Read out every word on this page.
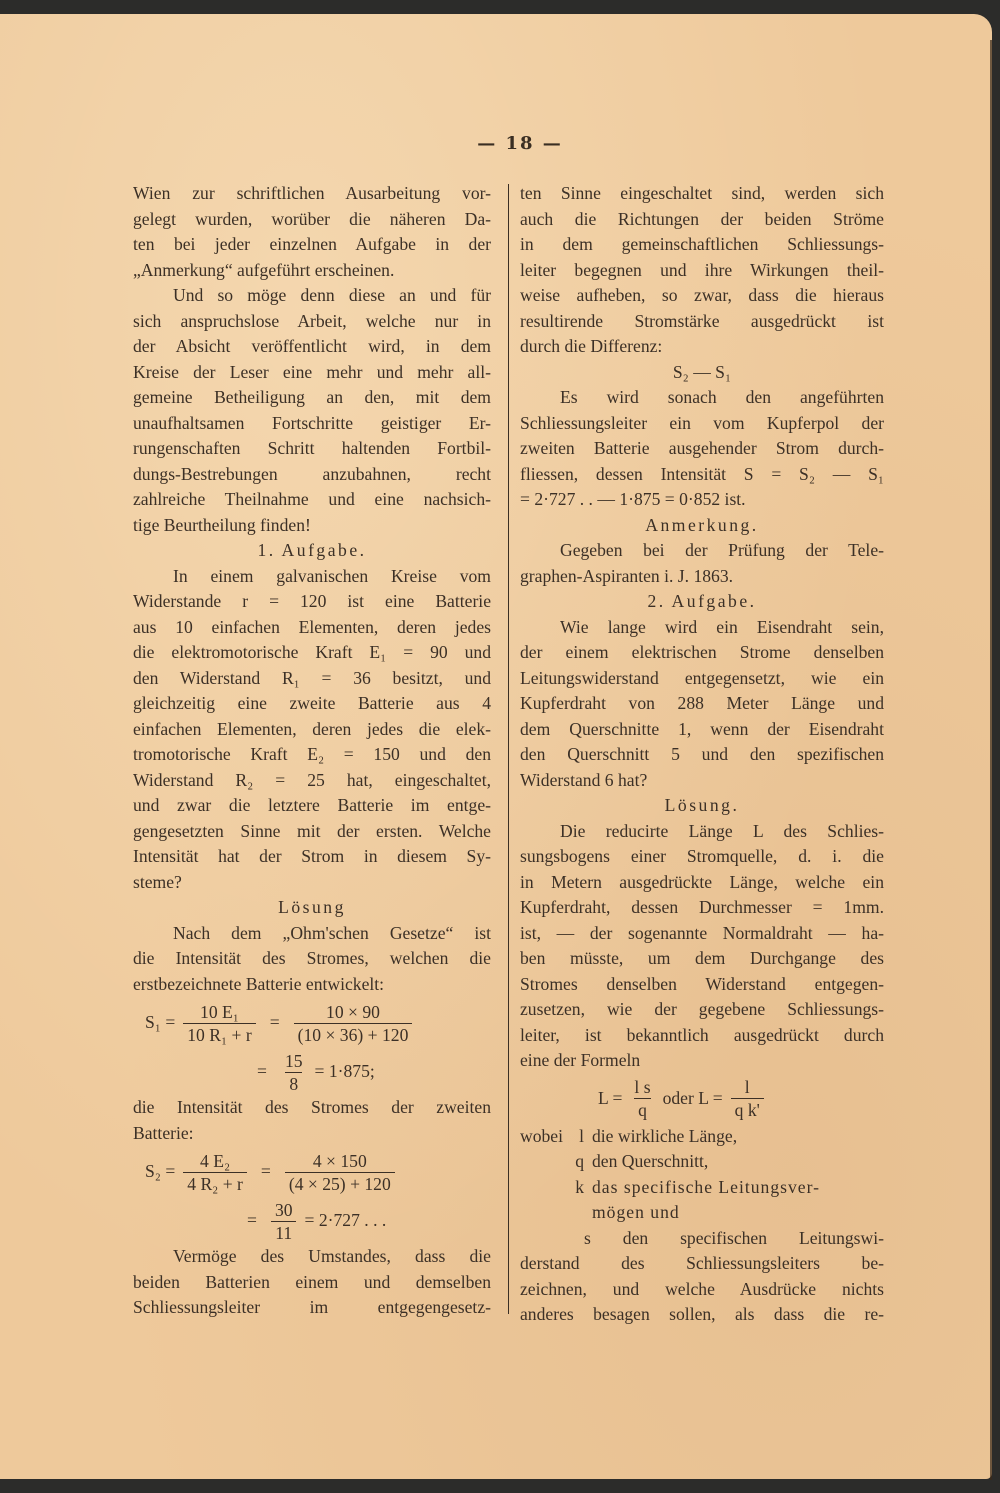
— 18 —
Wien zur schriftlichen Ausarbeitung vor-
gelegt wurden, worüber die näheren Da-
ten bei jeder einzelnen Aufgabe in der
„Anmerkung“ aufgeführt erscheinen.
Und so möge denn diese an und für
sich anspruchslose Arbeit, welche nur in
der Absicht veröffentlicht wird, in dem
Kreise der Leser eine mehr und mehr all-
gemeine Betheiligung an den, mit dem
unaufhaltsamen Fortschritte geistiger Er-
rungenschaften Schritt haltenden Fortbil-
dungs-Bestrebungen anzubahnen, recht
zahlreiche Theilnahme und eine nachsich-
tige Beurtheilung finden!
1. Aufgabe.
In einem galvanischen Kreise vom
Widerstande r = 120 ist eine Batterie
aus 10 einfachen Elementen, deren jedes
die elektromotorische Kraft E₁ = 90 und
den Widerstand R₁ = 36 besitzt, und
gleichzeitig eine zweite Batterie aus 4
einfachen Elementen, deren jedes die elek-
tromotorische Kraft E₂ = 150 und den
Widerstand R₂ = 25 hat, eingeschaltet,
und zwar die letztere Batterie im entge-
gengesetzten Sinne mit der ersten. Welche
Intensität hat der Strom in diesem Sy-
steme?
Lösung
Nach dem „Ohm'schen Gesetze“ ist
die Intensität des Stromes, welchen die
erstbezeichnete Batterie entwickelt:
$S_1 = \frac{\text{10 E₁}}{\text{10 R₁ + r}} = \frac{10 \times 90}{(10 \times 36) + 120}$
= $\frac{15}{8} = 1\cdot 875$;
die Intensität des Stromes der zweiten
Batterie:
$S_2 = \frac{\text{4 E₂}}{\text{4 R₂ + r}} = \frac{4 \times 150}{(4 \times 25) + 120}$
= $\frac{30}{11} = 2\cdot 727$ . . .
Vermöge des Umstandes, dass die
beiden Batterien einem und demselben
Schliessungsleiter im entgegengesetz-
ten Sinne eingeschaltet sind, werden sich
auch die Richtungen der beiden Ströme
in dem gemeinschaftlichen Schliessungs-
leiter begegnen und ihre Wirkungen theil-
weise aufheben, so zwar, dass die hieraus
resultirende Stromstärke ausgedrückt ist
durch die Differenz:
S₂ — S₁
Es wird sonach den angeführten
Schliessungsleiter ein vom Kupferpol der
zweiten Batterie ausgehender Strom durch-
fliessen, dessen Intensität S = S₂ — S₁
= 2·727 . . — 1·875 = 0·852 ist.
Anmerkung.
Gegeben bei der Prüfung der Tele-
graphen-Aspiranten i. J. 1863.
2. Aufgabe.
Wie lange wird ein Eisendraht sein,
der einem elektrischen Strome denselben
Leitungswiderstand entgegensetzt, wie ein
Kupferdraht von 288 Meter Länge und
dem Querschnitte 1, wenn der Eisendraht
den Querschnitt 5 und den spezifischen
Widerstand 6 hat?
Lösung.
Die reducirte Länge L des Schlies-
sungsbogens einer Stromquelle, d. i. die
in Metern ausgedrückte Länge, welche ein
Kupferdraht, dessen Durchmesser = 1mm.
ist, — der sogenannte Normaldraht — ha-
ben müsste, um dem Durchgange des
Stromes denselben Widerstand entgegen-
zusetzen, wie der gegebene Schliessungs-
leiter, ist bekanntlich ausgedrückt durch
eine der Formeln
$L = \frac{\text{l s}}{q}$ oder $L = \frac{l}{\text{q k'}}$
wobei l die wirkliche Länge,
q den Querschnitt,
k das specifische Leitungsver-
mögen und
s den specifischen Leitungswi-
derstand des Schliessungsleiters be-
zeichnen, und welche Ausdrücke nichts
anderes besagen sollen, als dass die re-
